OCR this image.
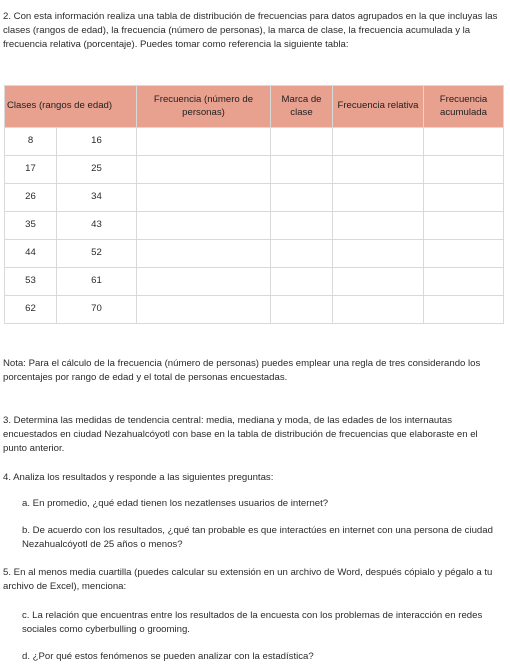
2. Con esta información realiza una tabla de distribución de frecuencias para datos agrupados en la que incluyas las clases (rangos de edad), la frecuencia (número de personas), la marca de clase, la frecuencia acumulada y la frecuencia relativa (porcentaje). Puedes tomar como referencia la siguiente tabla:

Clases (rangos de edad)		Frecuencia (número de personas)	Marca de clase	Frecuencia relativa	Frecuencia acumulada
8	16				
17	25				
26	34				
35	43				
44	52				
53	61				
62	70				

Nota: Para el cálculo de la frecuencia (número de personas) puedes emplear una regla de tres considerando los porcentajes por rango de edad y el total de personas encuestadas.

3. Determina las medidas de tendencia central: media, mediana y moda, de las edades de los internautas encuestados en ciudad Nezahualcóyotl con base en la tabla de distribución de frecuencias que elaboraste en el punto anterior.

4. Analiza los resultados y responde a las siguientes preguntas:

a. En promedio, ¿qué edad tienen los nezatlenses usuarios de internet?

b. De acuerdo con los resultados, ¿qué tan probable es que interactúes en internet con una persona de ciudad Nezahualcóyotl de 25 años o menos?

5. En al menos media cuartilla (puedes calcular su extensión en un archivo de Word, después cópialo y pégalo a tu archivo de Excel), menciona:

c. La relación que encuentras entre los resultados de la encuesta con los problemas de interacción en redes sociales como cyberbulling o grooming.

d. ¿Por qué estos fenómenos se pueden analizar con la estadística?
